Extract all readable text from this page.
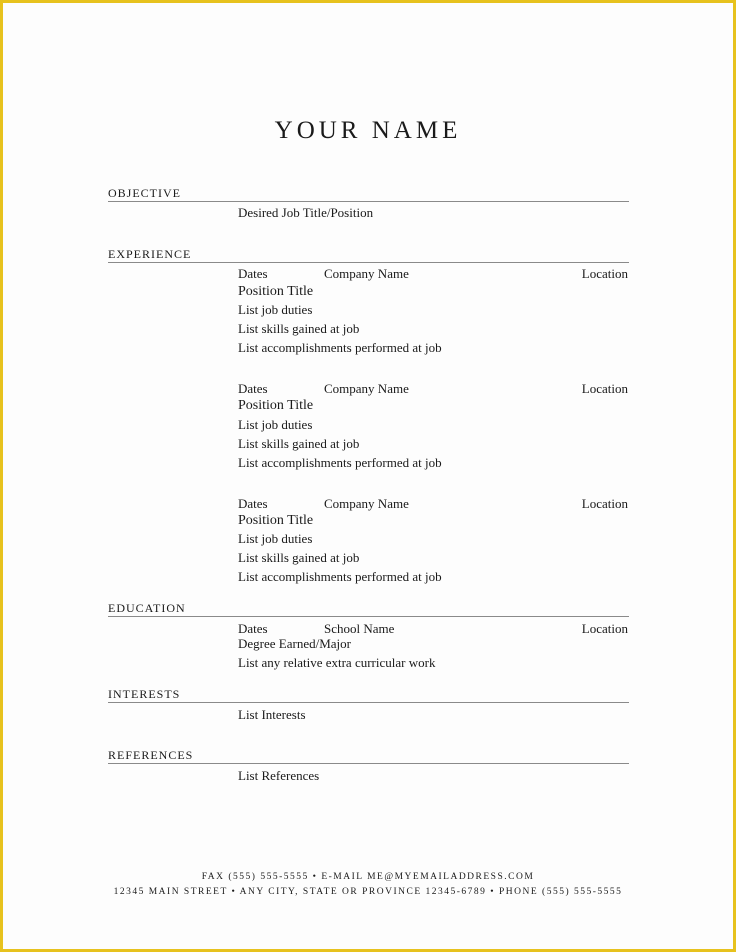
YOUR NAME
OBJECTIVE
Desired Job Title/Position
EXPERIENCE
Dates	Company Name	Location
Position Title
List job duties
List skills gained at job
List accomplishments performed at job
Dates	Company Name	Location
Position Title
List job duties
List skills gained at job
List accomplishments performed at job
Dates	Company Name	Location
Position Title
List job duties
List skills gained at job
List accomplishments performed at job
EDUCATION
Dates	School Name	Location
Degree Earned/Major
List any relative extra curricular work
INTERESTS
List Interests
REFERENCES
List References
FAX (555) 555-5555 • E-MAIL ME@MYEMAILADDRESS.COM
12345 MAIN STREET • ANY CITY, STATE OR PROVINCE 12345-6789 • PHONE (555) 555-5555
